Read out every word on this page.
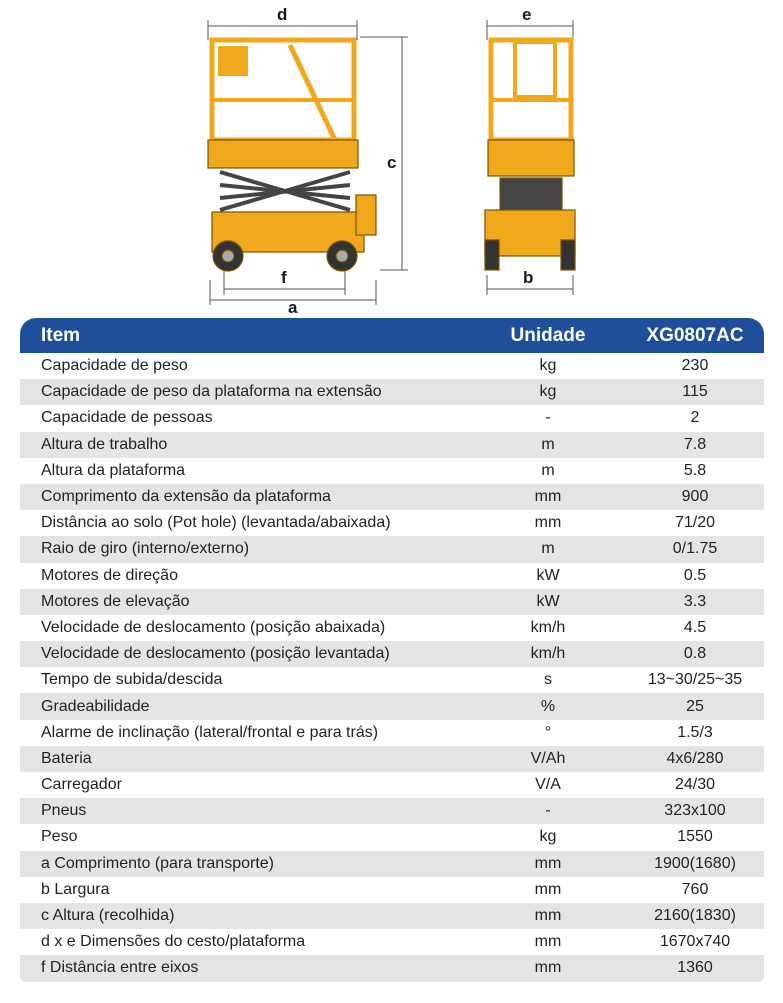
d	e
c
f
a
b
Item	Unidade	XG0807AC
Capacidade de peso	kg	230
Capacidade de peso da plataforma na extensão	kg	115
Capacidade de pessoas	-	2
Altura de trabalho	m	7.8
Altura da plataforma	m	5.8
Comprimento da extensão da plataforma	mm	900
Distância ao solo (Pot hole) (levantada/abaixada)	mm	71/20
Raio de giro (interno/externo)	m	0/1.75
Motores de direção	kW	0.5
Motores de elevação	kW	3.3
Velocidade de deslocamento (posição abaixada)	km/h	4.5
Velocidade de deslocamento (posição levantada)	km/h	0.8
Tempo de subida/descida	s	13~30/25~35
Gradeabilidade	%	25
Alarme de inclinação (lateral/frontal e para trás)	°	1.5/3
Bateria	V/Ah	4x6/280
Carregador	V/A	24/30
Pneus	-	323x100
Peso	kg	1550
a Comprimento (para transporte)	mm	1900(1680)
b Largura	mm	760
c Altura (recolhida)	mm	2160(1830)
d x e Dimensões do cesto/plataforma	mm	1670x740
f Distância entre eixos	mm	1360
